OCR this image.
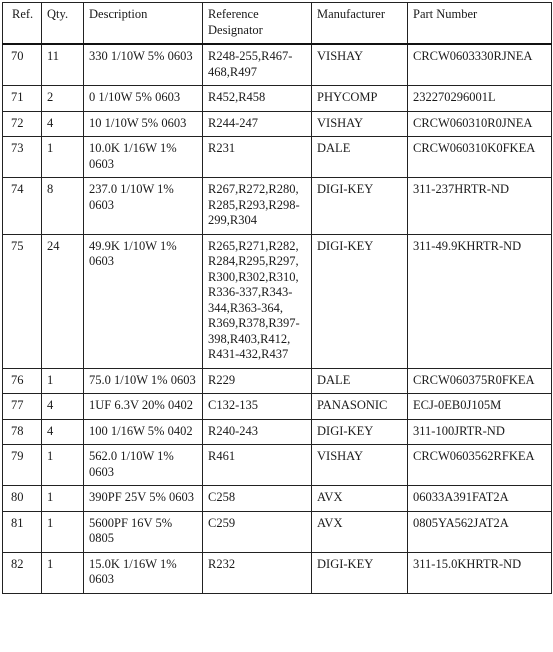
Ref.	Qty.	Description	Reference Designator	Manufacturer	Part Number
70	11	330 1/10W 5% 0603	R248-255,R467-468,R497	VISHAY	CRCW0603330RJNEA
71	2	0 1/10W 5% 0603	R452,R458	PHYCOMP	232270296001L
72	4	10 1/10W 5% 0603	R244-247	VISHAY	CRCW060310R0JNEA
73	1	10.0K 1/16W 1% 0603	R231	DALE	CRCW060310K0FKEA
74	8	237.0 1/10W 1% 0603	R267,R272,R280, R285,R293,R298-299,R304	DIGI-KEY	311-237HRTR-ND
75	24	49.9K 1/10W 1% 0603	R265,R271,R282, R284,R295,R297, R300,R302,R310, R336-337,R343-344,R363-364, R369,R378,R397-398,R403,R412, R431-432,R437	DIGI-KEY	311-49.9KHRTR-ND
76	1	75.0 1/10W 1% 0603	R229	DALE	CRCW060375R0FKEA
77	4	1UF 6.3V 20% 0402	C132-135	PANASONIC	ECJ-0EB0J105M
78	4	100 1/16W 5% 0402	R240-243	DIGI-KEY	311-100JRTR-ND
79	1	562.0 1/10W 1% 0603	R461	VISHAY	CRCW0603562RFKEA
80	1	390PF 25V 5% 0603	C258	AVX	06033A391FAT2A
81	1	5600PF 16V 5% 0805	C259	AVX	0805YA562JAT2A
82	1	15.0K 1/16W 1% 0603	R232	DIGI-KEY	311-15.0KHRTR-ND
